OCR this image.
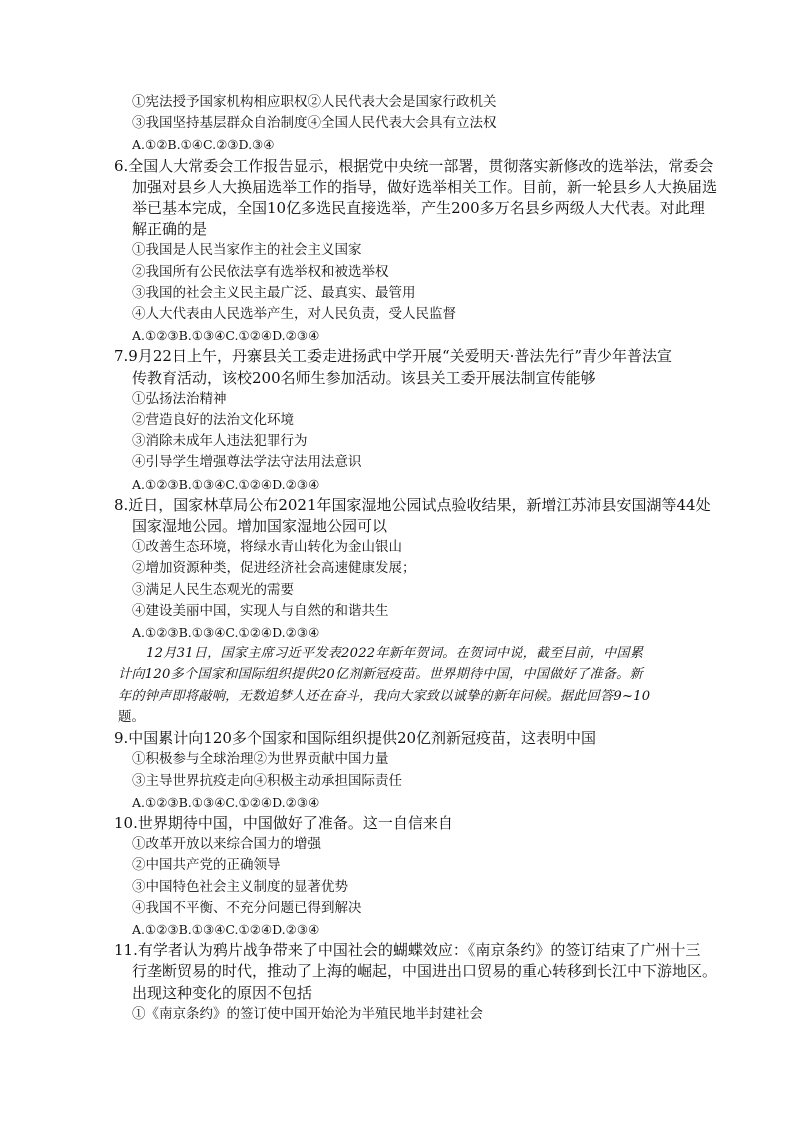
①宪法授予国家机构相应职权②人民代表大会是国家行政机关
③我国坚持基层群众自治制度④全国人民代表大会具有立法权
A.①②B.①④C.②③D.③④
6.全国人大常委会工作报告显示，根据党中央统一部署，贯彻落实新修改的选举法，常委会
加强对县乡人大换届选举工作的指导，做好选举相关工作。目前，新一轮县乡人大换届选
举已基本完成，全国10亿多选民直接选举，产生200多万名县乡两级人大代表。对此理
解正确的是
①我国是人民当家作主的社会主义国家
②我国所有公民依法享有选举权和被选举权
③我国的社会主义民主最广泛、最真实、最管用
④人大代表由人民选举产生，对人民负责，受人民监督
A.①②③B.①③④C.①②④D.②③④
7.9月22日上午，丹寨县关工委走进扬武中学开展“关爱明天·普法先行”青少年普法宣
传教育活动，该校200名师生参加活动。该县关工委开展法制宣传能够
①弘扬法治精神
②营造良好的法治文化环境
③消除未成年人违法犯罪行为
④引导学生增强尊法学法守法用法意识
A.①②③B.①③④C.①②④D.②③④
8.近日，国家林草局公布2021年国家湿地公园试点验收结果，新增江苏沛县安国湖等44处
国家湿地公园。增加国家湿地公园可以
①改善生态环境，将绿水青山转化为金山银山
②增加资源种类，促进经济社会高速健康发展；
③满足人民生态观光的需要
④建设美丽中国，实现人与自然的和谐共生
A.①②③B.①③④C.①②④D.②③④
12月31日，国家主席习近平发表2022年新年贺词。在贺词中说，截至目前，中国累
计向120多个国家和国际组织提供20亿剂新冠疫苗。世界期待中国，中国做好了准备。新
年的钟声即将敲响，无数追梦人还在奋斗，我向大家致以诚挚的新年问候。据此回答9~10
题。
9.中国累计向120多个国家和国际组织提供20亿剂新冠疫苗，这表明中国
①积极参与全球治理②为世界贡献中国力量
③主导世界抗疫走向④积极主动承担国际责任
A.①②③B.①③④C.①②④D.②③④
10.世界期待中国，中国做好了准备。这一自信来自
①改革开放以来综合国力的增强
②中国共产党的正确领导
③中国特色社会主义制度的显著优势
④我国不平衡、不充分问题已得到解决
A.①②③B.①③④C.①②④D.②③④
11.有学者认为鸦片战争带来了中国社会的蝴蝶效应：《南京条约》的签订结束了广州十三
行垄断贸易的时代，推动了上海的崛起，中国进出口贸易的重心转移到长江中下游地区。
出现这种变化的原因不包括
①《南京条约》的签订使中国开始沦为半殖民地半封建社会
